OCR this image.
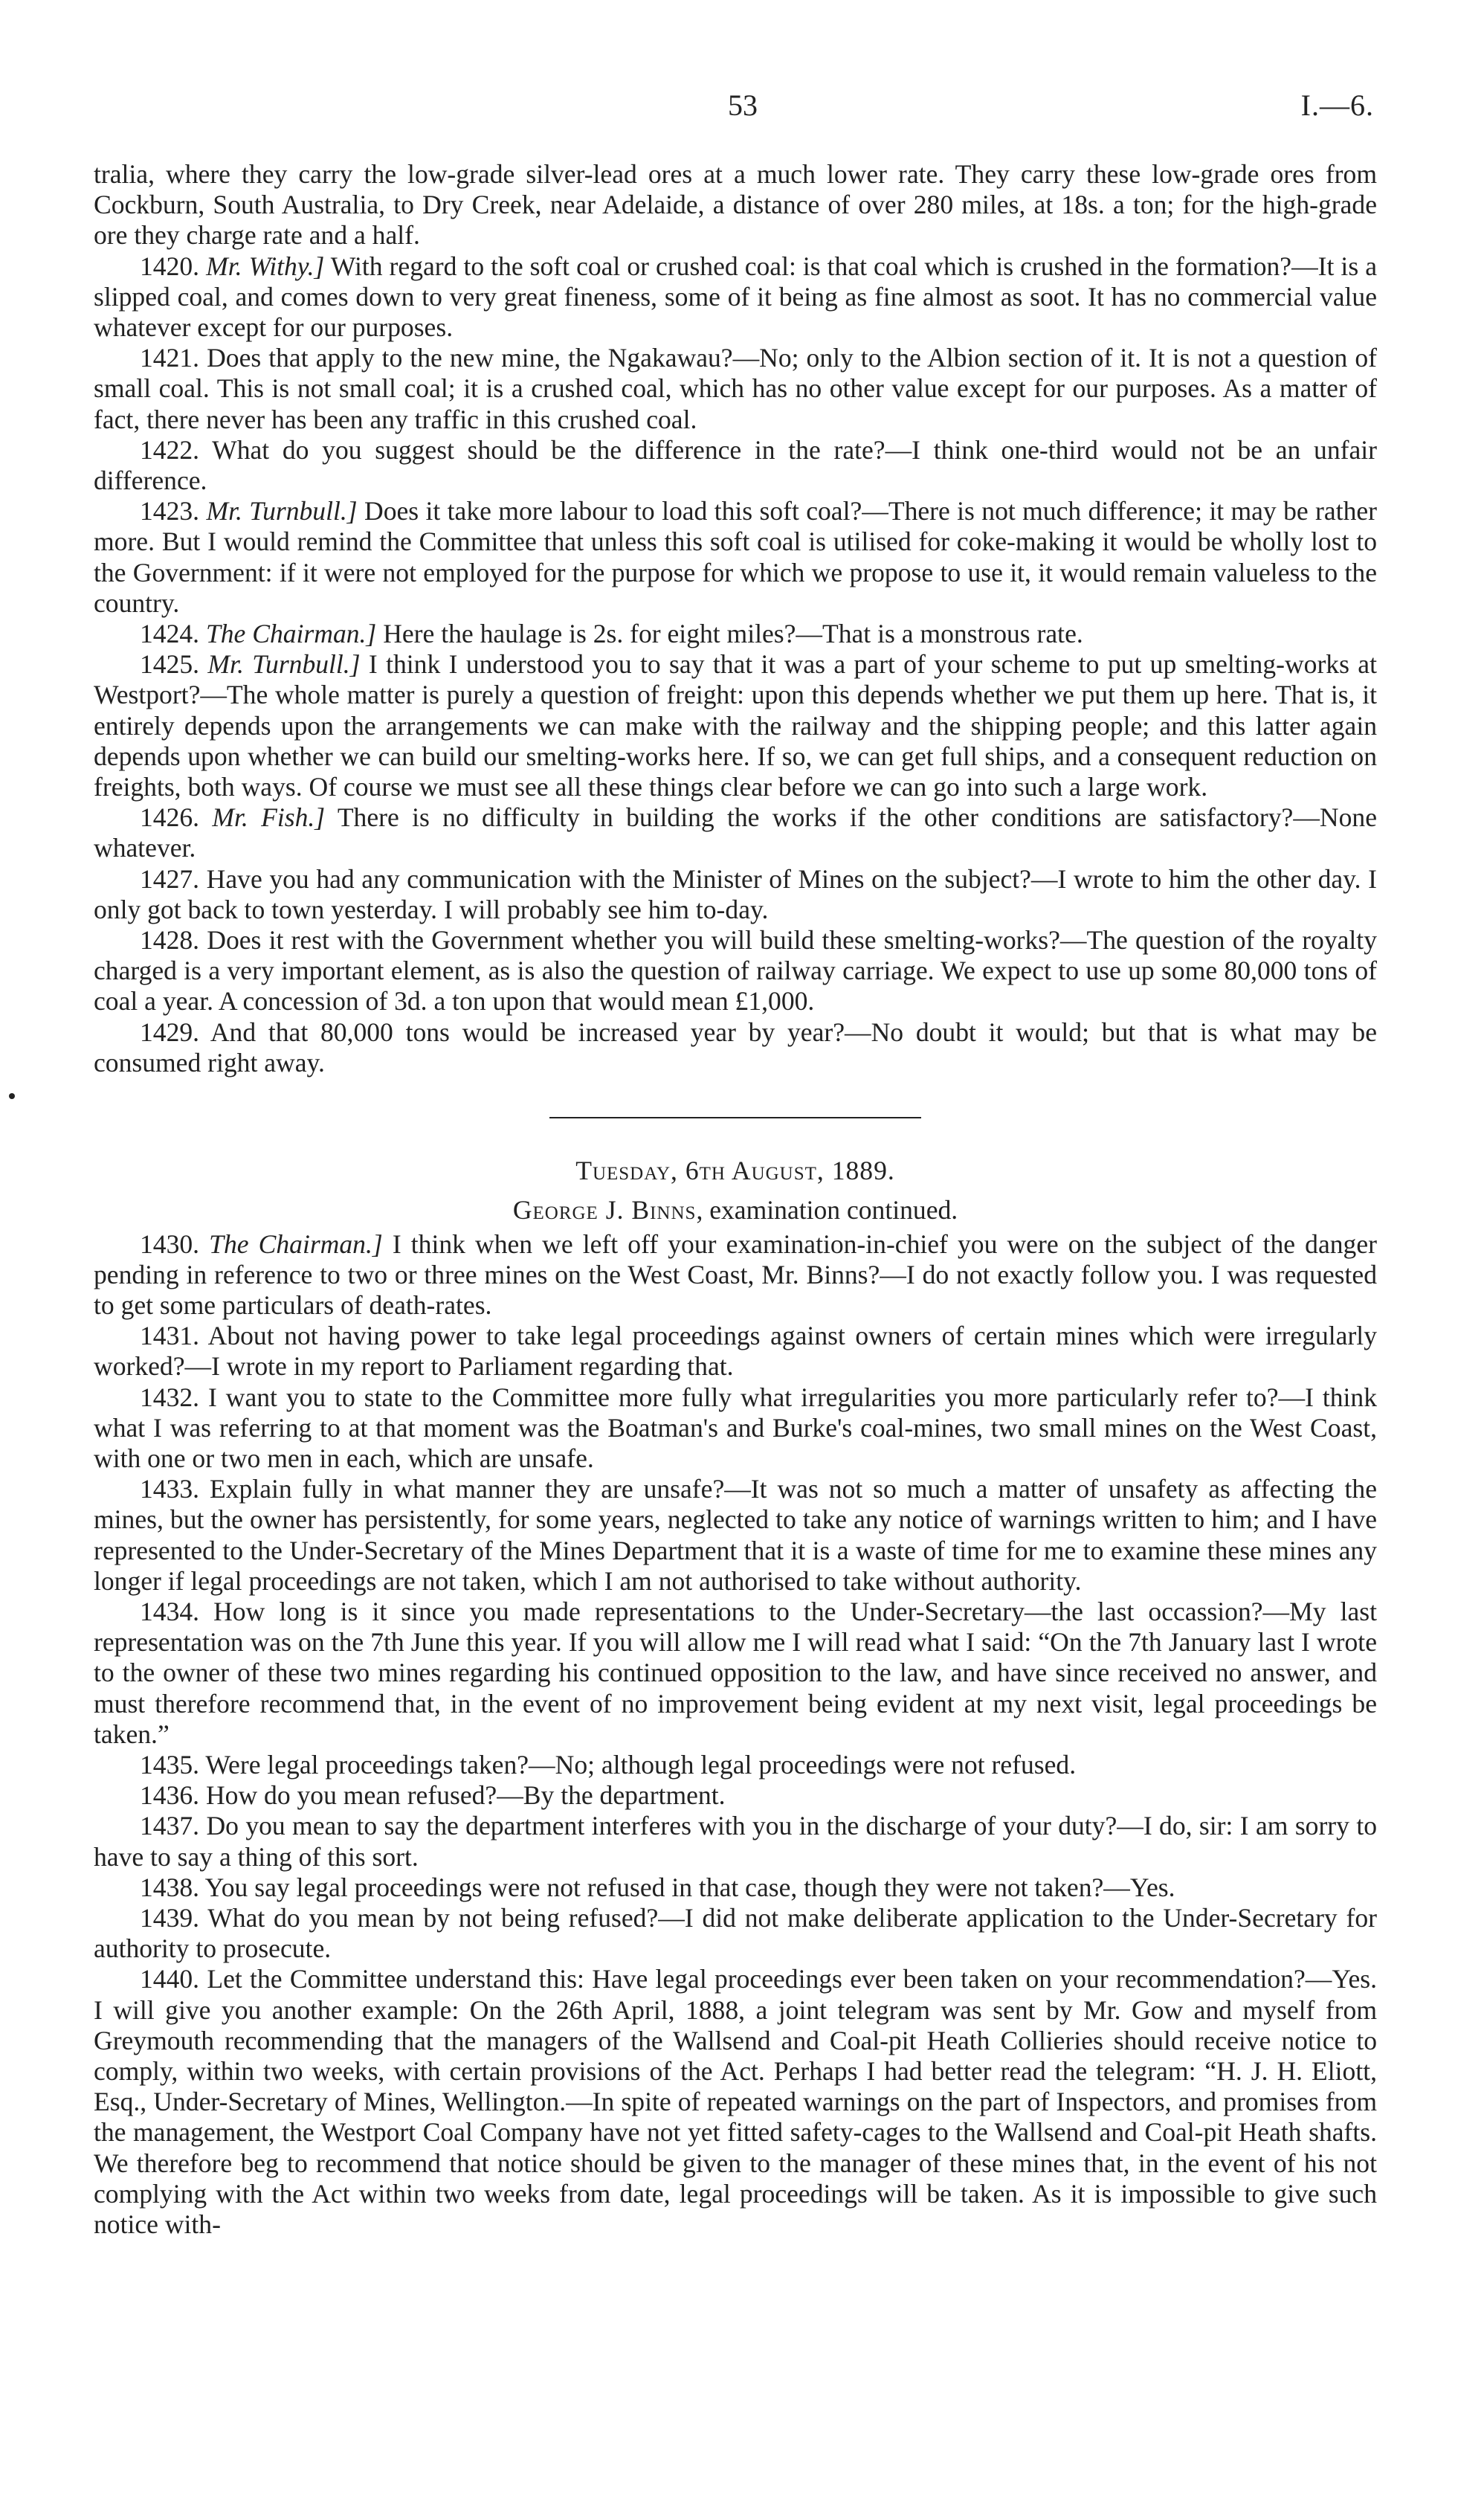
53	I.—6.

tralia, where they carry the low-grade silver-lead ores at a much lower rate. They carry these low-grade ores from Cockburn, South Australia, to Dry Creek, near Adelaide, a distance of over 280 miles, at 18s. a ton; for the high-grade ore they charge rate and a half.

1420. Mr. Withy.] With regard to the soft coal or crushed coal: is that coal which is crushed in the formation?—It is a slipped coal, and comes down to very great fineness, some of it being as fine almost as soot. It has no commercial value whatever except for our purposes.

1421. Does that apply to the new mine, the Ngakawau?—No; only to the Albion section of it. It is not a question of small coal. This is not small coal; it is a crushed coal, which has no other value except for our purposes. As a matter of fact, there never has been any traffic in this crushed coal.

1422. What do you suggest should be the difference in the rate?—I think one-third would not be an unfair difference.

1423. Mr. Turnbull.] Does it take more labour to load this soft coal?—There is not much difference; it may be rather more. But I would remind the Committee that unless this soft coal is utilised for coke-making it would be wholly lost to the Government: if it were not employed for the purpose for which we propose to use it, it would remain valueless to the country.

1424. The Chairman.] Here the haulage is 2s. for eight miles?—That is a monstrous rate.

1425. Mr. Turnbull.] I think I understood you to say that it was a part of your scheme to put up smelting-works at Westport?—The whole matter is purely a question of freight: upon this depends whether we put them up here. That is, it entirely depends upon the arrangements we can make with the railway and the shipping people; and this latter again depends upon whether we can build our smelting-works here. If so, we can get full ships, and a consequent reduction on freights, both ways. Of course we must see all these things clear before we can go into such a large work.

1426. Mr. Fish.] There is no difficulty in building the works if the other conditions are satisfactory?—None whatever.

1427. Have you had any communication with the Minister of Mines on the subject?—I wrote to him the other day. I only got back to town yesterday. I will probably see him to-day.

1428. Does it rest with the Government whether you will build these smelting-works?—The question of the royalty charged is a very important element, as is also the question of railway carriage. We expect to use up some 80,000 tons of coal a year. A concession of 3d. a ton upon that would mean £1,000.

1429. And that 80,000 tons would be increased year by year?—No doubt it would; but that is what may be consumed right away.

Tuesday, 6th August, 1889.

George J. Binns, examination continued.

1430. The Chairman.] I think when we left off your examination-in-chief you were on the subject of the danger pending in reference to two or three mines on the West Coast, Mr. Binns?—I do not exactly follow you. I was requested to get some particulars of death-rates.

1431. About not having power to take legal proceedings against owners of certain mines which were irregularly worked?—I wrote in my report to Parliament regarding that.

1432. I want you to state to the Committee more fully what irregularities you more particularly refer to?—I think what I was referring to at that moment was the Boatman's and Burke's coal-mines, two small mines on the West Coast, with one or two men in each, which are unsafe.

1433. Explain fully in what manner they are unsafe?—It was not so much a matter of unsafety as affecting the mines, but the owner has persistently, for some years, neglected to take any notice of warnings written to him; and I have represented to the Under-Secretary of the Mines Department that it is a waste of time for me to examine these mines any longer if legal proceedings are not taken, which I am not authorised to take without authority.

1434. How long is it since you made representations to the Under-Secretary—the last occassion?—My last representation was on the 7th June this year. If you will allow me I will read what I said: “On the 7th January last I wrote to the owner of these two mines regarding his continued opposition to the law, and have since received no answer, and must therefore recommend that, in the event of no improvement being evident at my next visit, legal proceedings be taken.”

1435. Were legal proceedings taken?—No; although legal proceedings were not refused.

1436. How do you mean refused?—By the department.

1437. Do you mean to say the department interferes with you in the discharge of your duty?—I do, sir: I am sorry to have to say a thing of this sort.

1438. You say legal proceedings were not refused in that case, though they were not taken?—Yes.

1439. What do you mean by not being refused?—I did not make deliberate application to the Under-Secretary for authority to prosecute.

1440. Let the Committee understand this: Have legal proceedings ever been taken on your recommendation?—Yes. I will give you another example: On the 26th April, 1888, a joint telegram was sent by Mr. Gow and myself from Greymouth recommending that the managers of the Wallsend and Coal-pit Heath Collieries should receive notice to comply, within two weeks, with certain provisions of the Act. Perhaps I had better read the telegram: “H. J. H. Eliott, Esq., Under-Secretary of Mines, Wellington.—In spite of repeated warnings on the part of Inspectors, and promises from the management, the Westport Coal Company have not yet fitted safety-cages to the Wallsend and Coal-pit Heath shafts. We therefore beg to recommend that notice should be given to the manager of these mines that, in the event of his not complying with the Act within two weeks from date, legal proceedings will be taken. As it is impossible to give such notice with-
